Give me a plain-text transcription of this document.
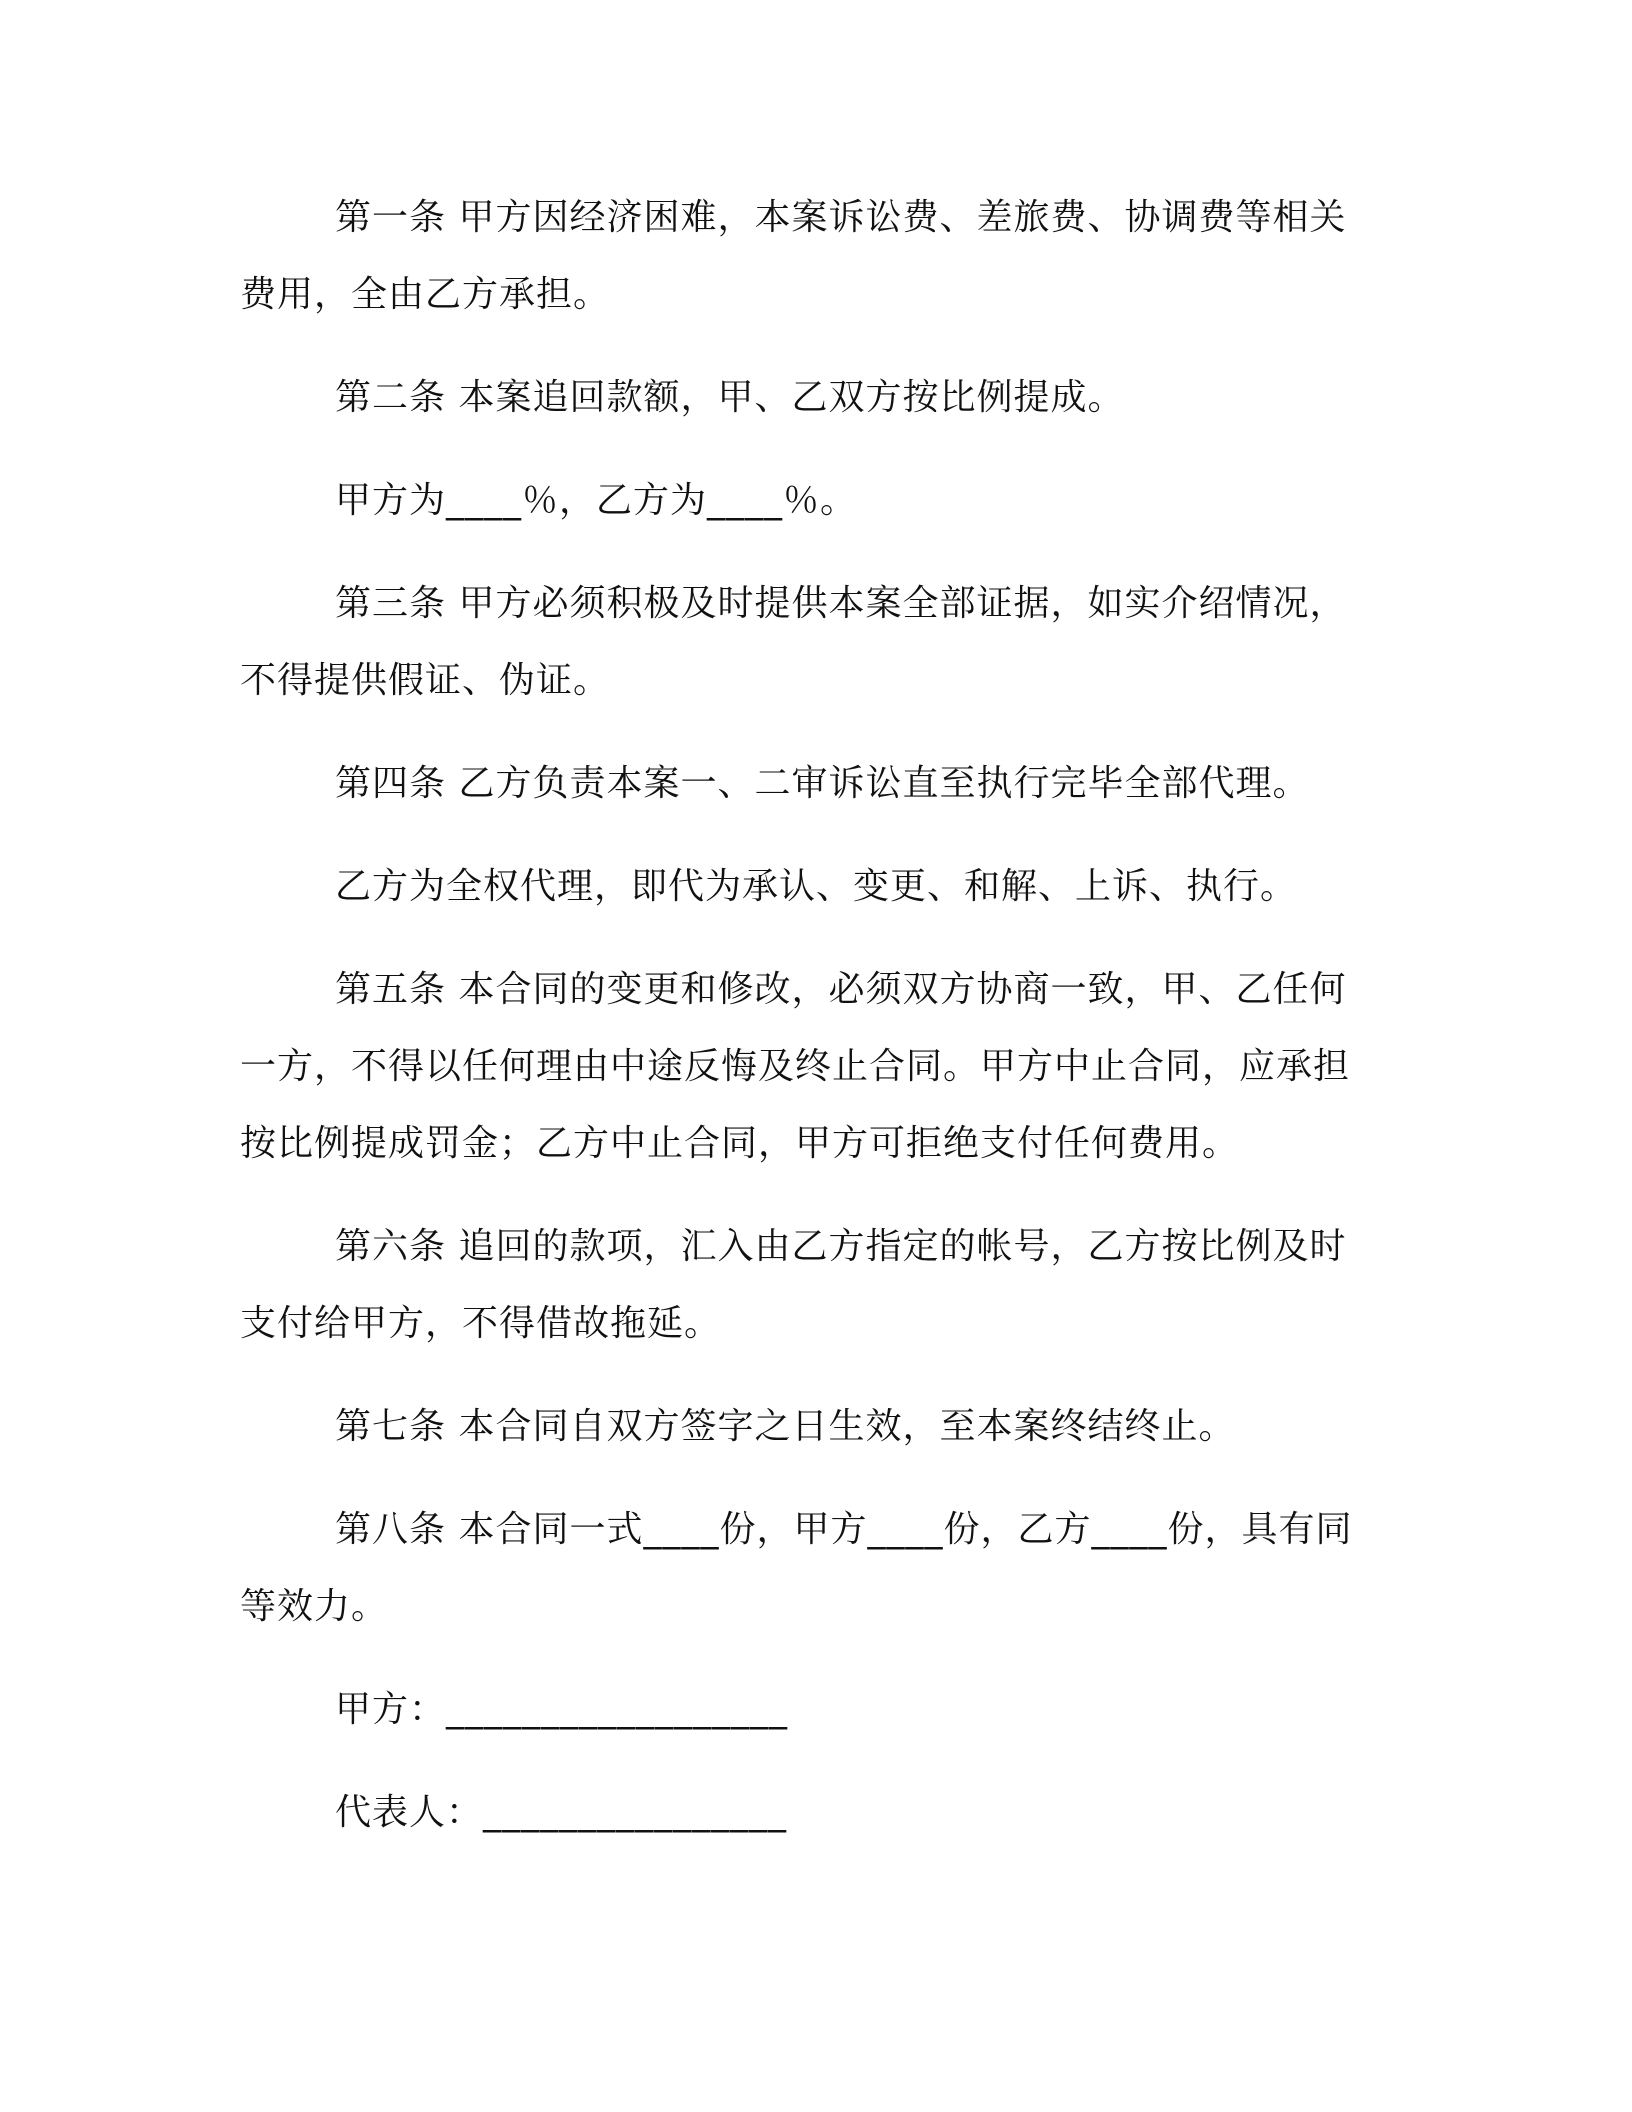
第一条 甲方因经济困难，本案诉讼费、差旅费、协调费等相关

费用，全由乙方承担。

第二条 本案追回款额，甲、乙双方按比例提成。

甲方为____％，乙方为____％。

第三条 甲方必须积极及时提供本案全部证据，如实介绍情况，

不得提供假证、伪证。

第四条 乙方负责本案一、二审诉讼直至执行完毕全部代理。

乙方为全权代理，即代为承认、变更、和解、上诉、执行。

第五条 本合同的变更和修改，必须双方协商一致，甲、乙任何

一方，不得以任何理由中途反悔及终止合同。甲方中止合同，应承担

按比例提成罚金；乙方中止合同，甲方可拒绝支付任何费用。

第六条 追回的款项，汇入由乙方指定的帐号，乙方按比例及时

支付给甲方，不得借故拖延。

第七条 本合同自双方签字之日生效，至本案终结终止。

第八条 本合同一式____份，甲方____份，乙方____份，具有同

等效力。

甲方：__________________

代表人：________________
